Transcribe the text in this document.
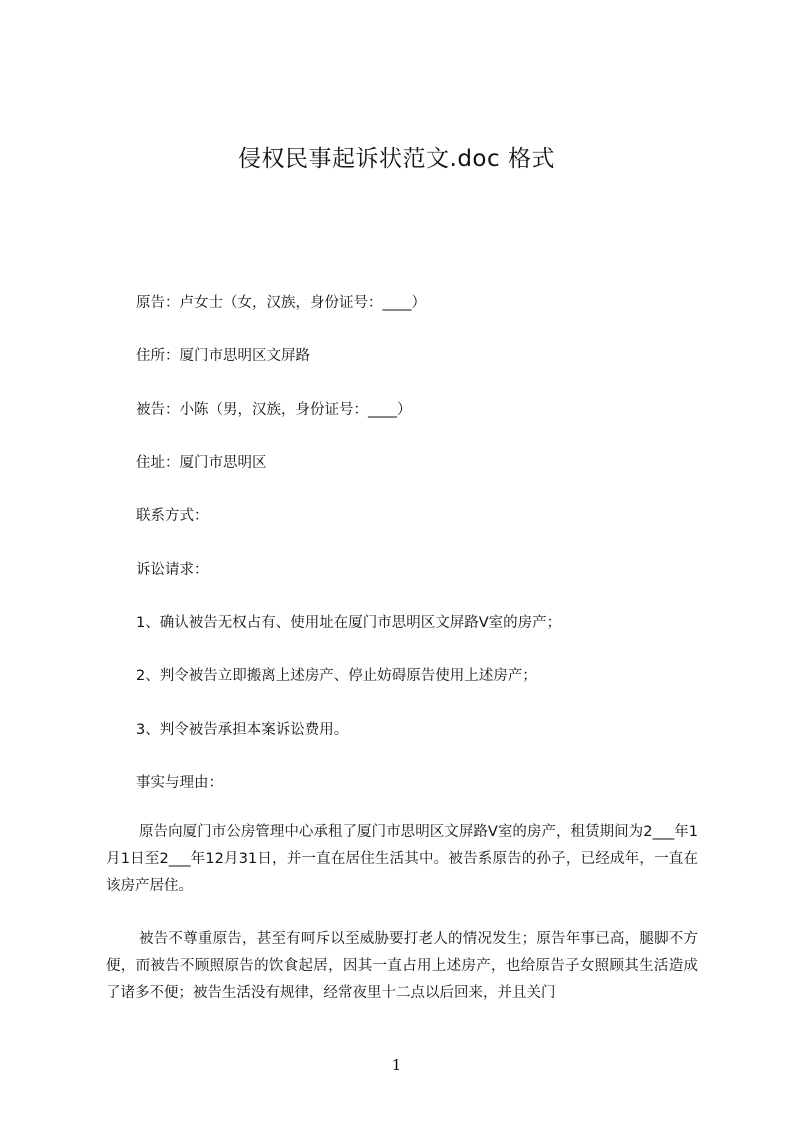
侵权民事起诉状范文.doc 格式

原告：卢女士（女，汉族，身份证号：____）

住所：厦门市思明区文屏路

被告：小陈（男，汉族，身份证号：____）

住址：厦门市思明区

联系方式：

诉讼请求：

1、确认被告无权占有、使用址在厦门市思明区文屏路Ⅴ室的房产；

2、判令被告立即搬离上述房产、停止妨碍原告使用上述房产；

3、判令被告承担本案诉讼费用。

事实与理由：

原告向厦门市公房管理中心承租了厦门市思明区文屏路Ⅴ室的房产，租赁期间为2___年1月1日至2___年12月31日，并一直在居住生活其中。被告系原告的孙子，已经成年，一直在该房产居住。

被告不尊重原告，甚至有呵斥以至威胁要打老人的情况发生；原告年事已高，腿脚不方便，而被告不顾照原告的饮食起居，因其一直占用上述房产，也给原告子女照顾其生活造成了诸多不便；被告生活没有规律，经常夜里十二点以后回来，并且关门

1
